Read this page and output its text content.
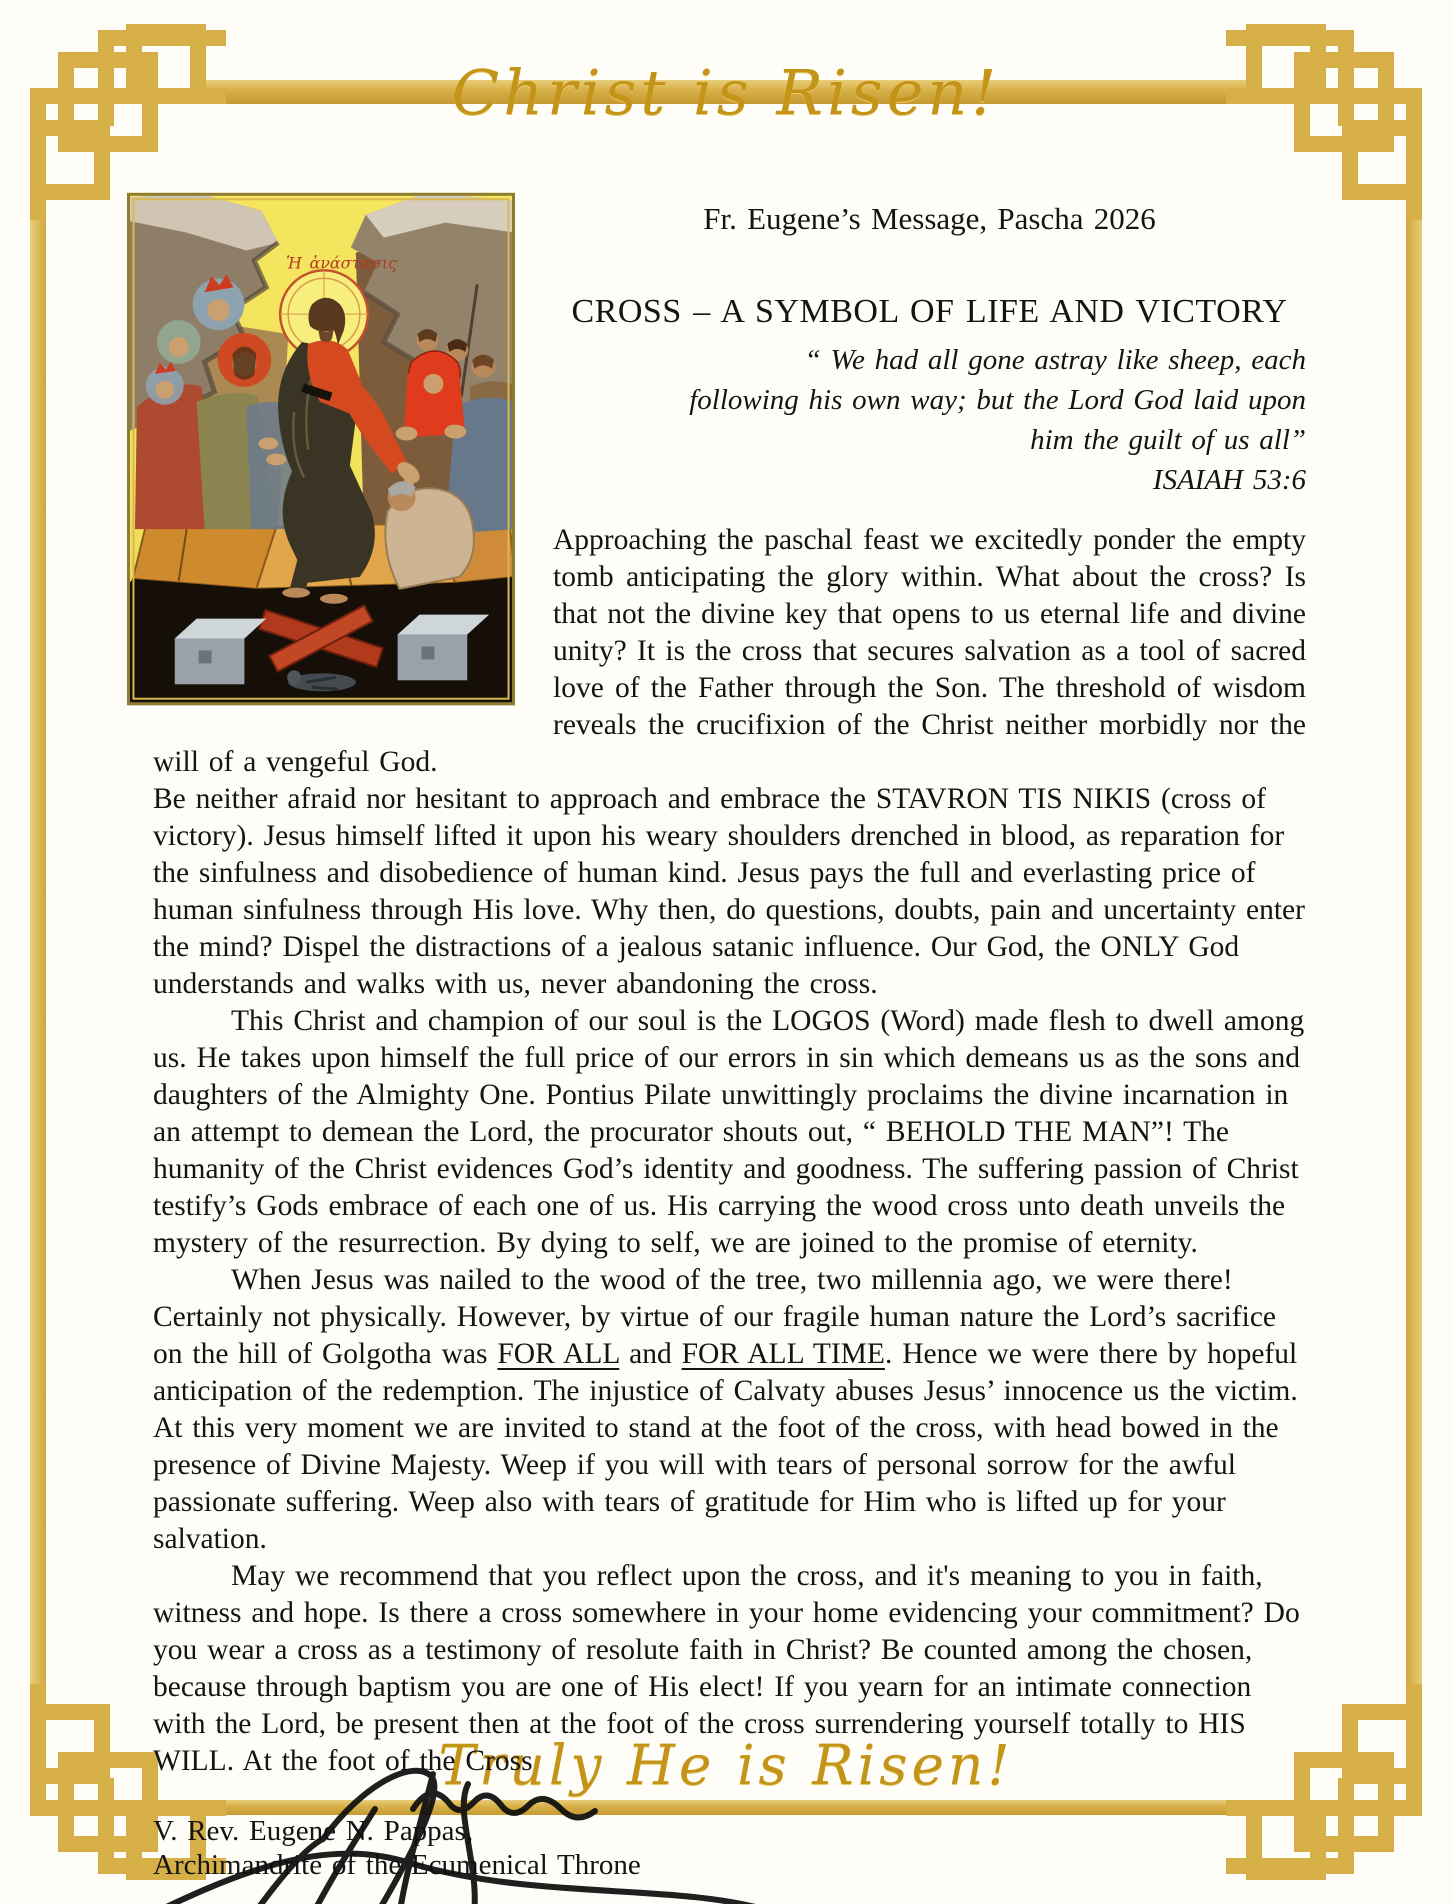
Christ is Risen!
Truly He is Risen!
Ἡ ἀνάστασις
Fr. Eugene’s Message, Pascha 2026
CROSS – A SYMBOL OF LIFE AND VICTORY
“ We had all gone astray like sheep, each
following his own way; but the Lord God laid upon
him the guilt of us all”
ISAIAH 53:6

Approaching the paschal feast we excitedly ponder the empty tomb anticipating the glory within. What about the cross? Is that not the divine key that opens to us eternal life and divine unity? It is the cross that secures salvation as a tool of sacred love of the Father through the Son. The threshold of wisdom reveals the crucifixion of the Christ neither morbidly nor the will of a vengeful God.

Be neither afraid nor hesitant to approach and embrace the STAVRON TIS NIKIS (cross of victory). Jesus himself lifted it upon his weary shoulders drenched in blood, as reparation for the sinfulness and disobedience of human kind. Jesus pays the full and everlasting price of human sinfulness through His love. Why then, do questions, doubts, pain and uncertainty enter the mind? Dispel the distractions of a jealous satanic influence. Our God, the ONLY God understands and walks with us, never abandoning the cross.

This Christ and champion of our soul is the LOGOS (Word) made flesh to dwell among us. He takes upon himself the full price of our errors in sin which demeans us as the sons and daughters of the Almighty One. Pontius Pilate unwittingly proclaims the divine incarnation in an attempt to demean the Lord, the procurator shouts out, “ BEHOLD THE MAN”! The humanity of the Christ evidences God’s identity and goodness. The suffering passion of Christ testify’s Gods embrace of each one of us. His carrying the wood cross unto death unveils the mystery of the resurrection. By dying to self, we are joined to the promise of eternity.

When Jesus was nailed to the wood of the tree, two millennia ago, we were there! Certainly not physically. However, by virtue of our fragile human nature the Lord’s sacrifice on the hill of Golgotha was FOR ALL and FOR ALL TIME. Hence we were there by hopeful anticipation of the redemption. The injustice of Calvaty abuses Jesus’ innocence us the victim. At this very moment we are invited to stand at the foot of the cross, with head bowed in the presence of Divine Majesty. Weep if you will with tears of personal sorrow for the awful passionate suffering. Weep also with tears of gratitude for Him who is lifted up for your salvation.

May we recommend that you reflect upon the cross, and it's meaning to you in faith, witness and hope. Is there a cross somewhere in your home evidencing your commitment? Do you wear a cross as a testimony of resolute faith in Christ? Be counted among the chosen, because through baptism you are one of His elect! If you yearn for an intimate connection with the Lord, be present then at the foot of the cross surrendering yourself totally to HIS WILL. At the foot of the Cross

V. Rev. Eugene N. Pappas,
Archimandrite of the Ecumenical Throne
